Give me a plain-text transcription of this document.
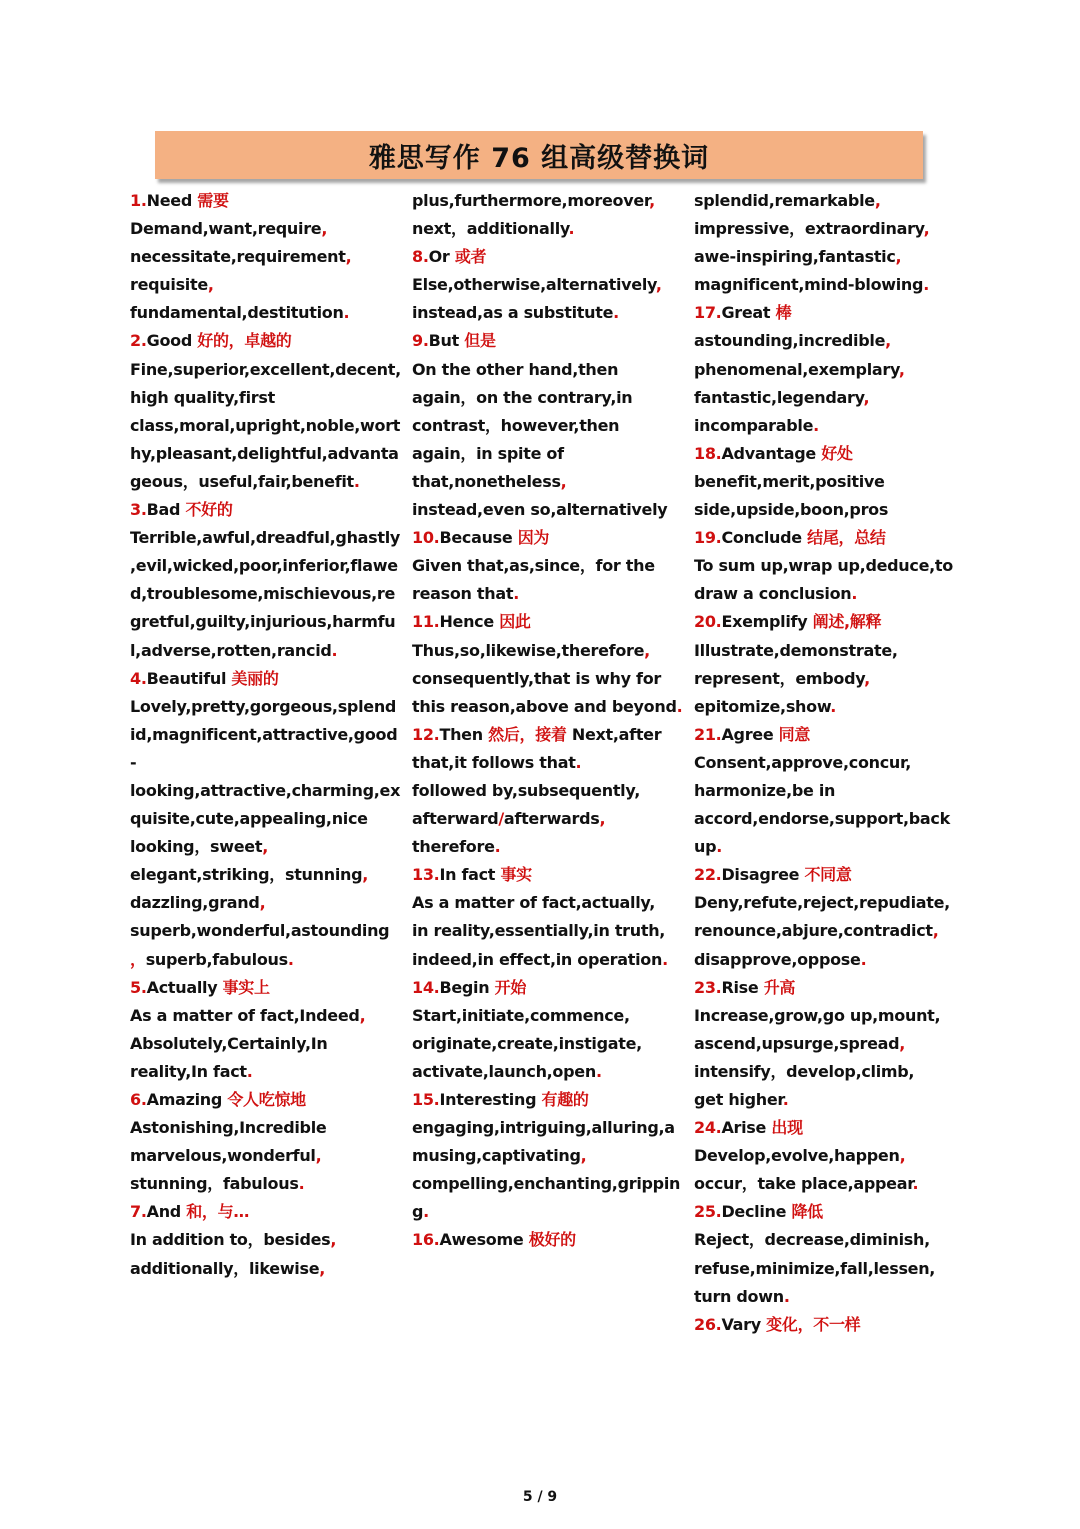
雅思写作 76 组高级替换词
1.Need 需要
Demand,want,require,
necessitate,requirement,
requisite,
fundamental,destitution.
2.Good 好的，卓越的
Fine,superior,excellent,decent,
high quality,first
class,moral,upright,noble,wort
hy,pleasant,delightful,advanta
geous，useful,fair,benefit.
3.Bad 不好的
Terrible,awful,dreadful,ghastly
,evil,wicked,poor,inferior,flawe
d,troublesome,mischievous,re
gretful,guilty,injurious,harmfu
l,adverse,rotten,rancid.
4.Beautiful 美丽的
Lovely,pretty,gorgeous,splend
id,magnificent,attractive,good
-
looking,attractive,charming,ex
quisite,cute,appealing,nice
looking，sweet,
elegant,striking，stunning,
dazzling,grand,
superb,wonderful,astounding
，superb,fabulous.
5.Actually 事实上
As a matter of fact,Indeed,
Absolutely,Certainly,In
reality,In fact.
6.Amazing 令人吃惊地
Astonishing,Incredible
marvelous,wonderful,
stunning，fabulous.
7.And 和，与…
In addition to，besides,
additionally，likewise,
plus,furthermore,moreover,
next，additionally.
8.Or 或者
Else,otherwise,alternatively,
instead,as a substitute.
9.But 但是
On the other hand,then
again，on the contrary,in
contrast，however,then
again，in spite of
that,nonetheless,
instead,even so,alternatively
10.Because 因为
Given that,as,since，for the
reason that.
11.Hence 因此
Thus,so,likewise,therefore,
consequently,that is why for
this reason,above and beyond.
12.Then 然后，接着 Next,after
that,it follows that.
followed by,subsequently,
afterward/afterwards,
therefore.
13.In fact 事实
As a matter of fact,actually,
in reality,essentially,in truth,
indeed,in effect,in operation.
14.Begin 开始
Start,initiate,commence,
originate,create,instigate,
activate,launch,open.
15.Interesting 有趣的
engaging,intriguing,alluring,a
musing,captivating,
compelling,enchanting,grippin
g.
16.Awesome 极好的
splendid,remarkable,
impressive，extraordinary,
awe-inspiring,fantastic,
magnificent,mind-blowing.
17.Great 棒
astounding,incredible,
phenomenal,exemplary,
fantastic,legendary,
incomparable.
18.Advantage 好处
benefit,merit,positive
side,upside,boon,pros
19.Conclude 结尾，总结
To sum up,wrap up,deduce,to
draw a conclusion.
20.Exemplify 阐述,解释
Illustrate,demonstrate,
represent，embody,
epitomize,show.
21.Agree 同意
Consent,approve,concur,
harmonize,be in
accord,endorse,support,back
up.
22.Disagree 不同意
Deny,refute,reject,repudiate,
renounce,abjure,contradict,
disapprove,oppose.
23.Rise 升高
Increase,grow,go up,mount,
ascend,upsurge,spread,
intensify，develop,climb,
get higher.
24.Arise 出现
Develop,evolve,happen,
occur，take place,appear.
25.Decline 降低
Reject，decrease,diminish,
refuse,minimize,fall,lessen,
turn down.
26.Vary 变化，不一样
5 / 9
